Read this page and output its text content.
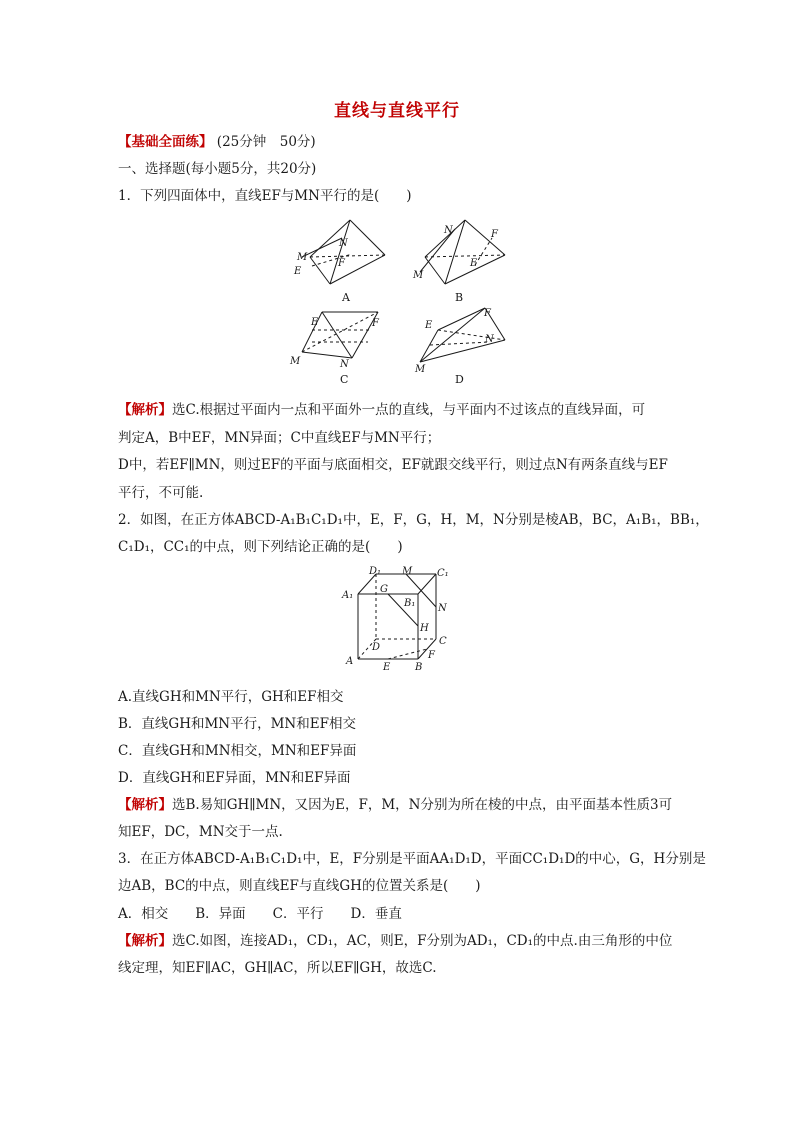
直线与直线平行
【基础全面练】 (25分钟　50分)
一、选择题(每小题5分，共20分)
1．下列四面体中，直线EF与MN平行的是(　　)
M
N
E
F
A
N	F
M
E
B
E	F
M	N
C
E
F
M
N
D
【解析】选C.根据过平面内一点和平面外一点的直线，与平面内不过该点的直线异面，可
判定A，B中EF，MN异面；C中直线EF与MN平行；
D中，若EF∥MN，则过EF的平面与底面相交，EF就跟交线平行，则过点N有两条直线与EF
平行，不可能.
2．如图，在正方体ABCD-A₁B₁C₁D₁中，E，F，G，H，M，N分别是棱AB，BC，A₁B₁，BB₁，
C₁D₁，CC₁的中点，则下列结论正确的是(　　)
D₁ M C₁
A₁
G
B₁ N
H
D
C
F
A
B
E
A.直线GH和MN平行，GH和EF相交
B．直线GH和MN平行，MN和EF相交
C．直线GH和MN相交，MN和EF异面
D．直线GH和EF异面，MN和EF异面
【解析】选B.易知GH∥MN，又因为E，F，M，N分别为所在棱的中点，由平面基本性质3可
知EF，DC，MN交于一点.
3．在正方体ABCD-A₁B₁C₁D₁中，E，F分别是平面AA₁D₁D，平面CC₁D₁D的中心，G，H分别是
边AB，BC的中点，则直线EF与直线GH的位置关系是(　　)
A．相交　　B．异面　　C．平行　　D．垂直
【解析】选C.如图，连接AD₁，CD₁，AC，则E，F分别为AD₁，CD₁的中点.由三角形的中位
线定理，知EF∥AC，GH∥AC，所以EF∥GH，故选C.
